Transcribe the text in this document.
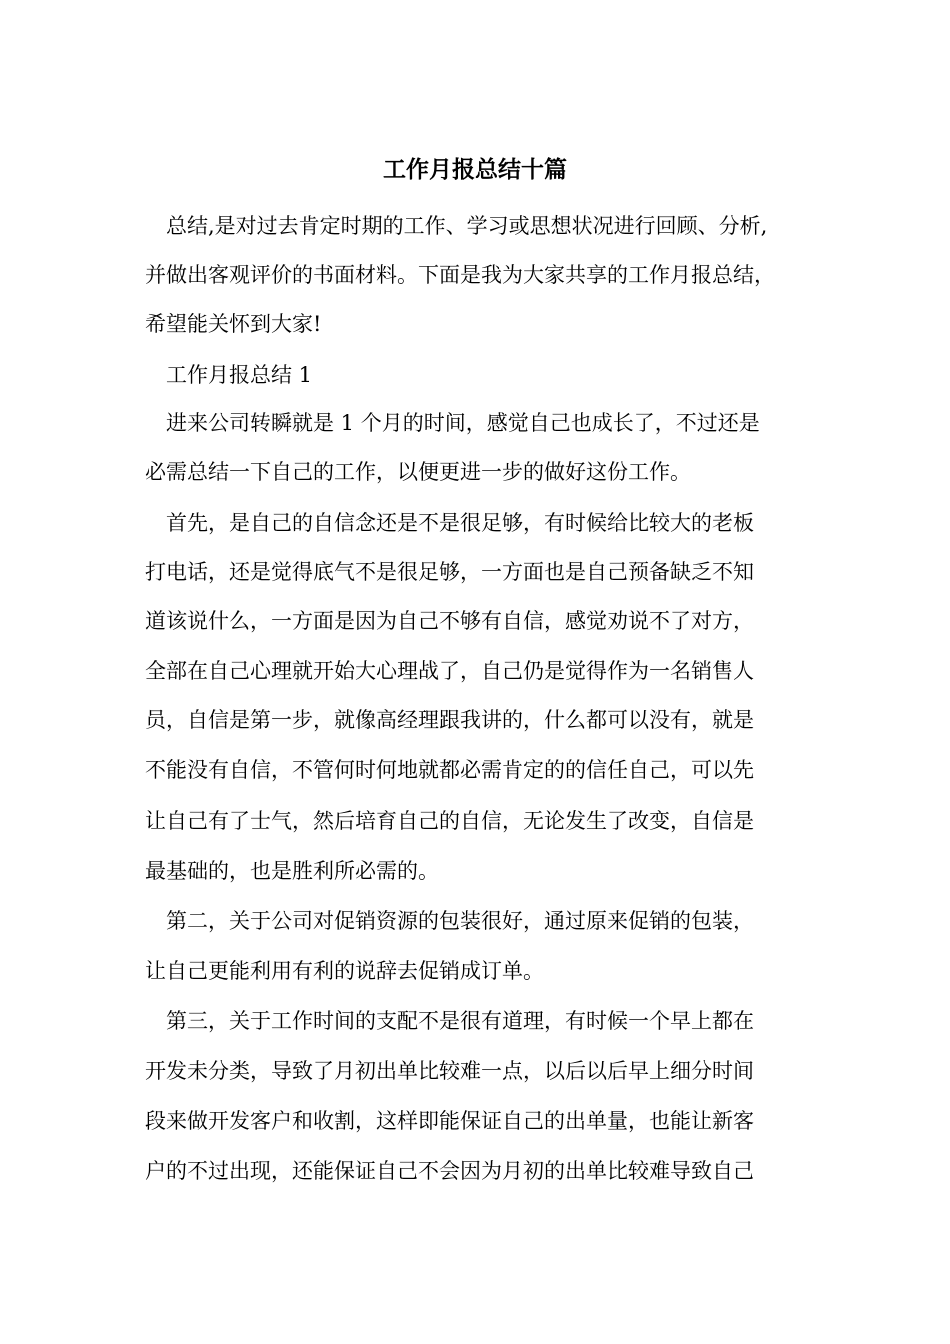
工作月报总结十篇
总结,是对过去肯定时期的工作、学习或思想状况进行回顾、分析,
并做出客观评价的书面材料。下面是我为大家共享的工作月报总结，
希望能关怀到大家!
工作月报总结 1
进来公司转瞬就是 1 个月的时间，感觉自己也成长了，不过还是
必需总结一下自己的工作，以便更进一步的做好这份工作。
首先，是自己的自信念还是不是很足够，有时候给比较大的老板
打电话，还是觉得底气不是很足够，一方面也是自己预备缺乏不知
道该说什么，一方面是因为自己不够有自信，感觉劝说不了对方，
全部在自己心理就开始大心理战了，自己仍是觉得作为一名销售人
员，自信是第一步，就像高经理跟我讲的，什么都可以没有，就是
不能没有自信，不管何时何地就都必需肯定的的信任自己，可以先
让自己有了士气，然后培育自己的自信，无论发生了改变，自信是
最基础的，也是胜利所必需的。
第二，关于公司对促销资源的包装很好，通过原来促销的包装，
让自己更能利用有利的说辞去促销成订单。
第三，关于工作时间的支配不是很有道理，有时候一个早上都在
开发未分类，导致了月初出单比较难一点，以后以后早上细分时间
段来做开发客户和收割，这样即能保证自己的出单量，也能让新客
户的不过出现，还能保证自己不会因为月初的出单比较难导致自己
